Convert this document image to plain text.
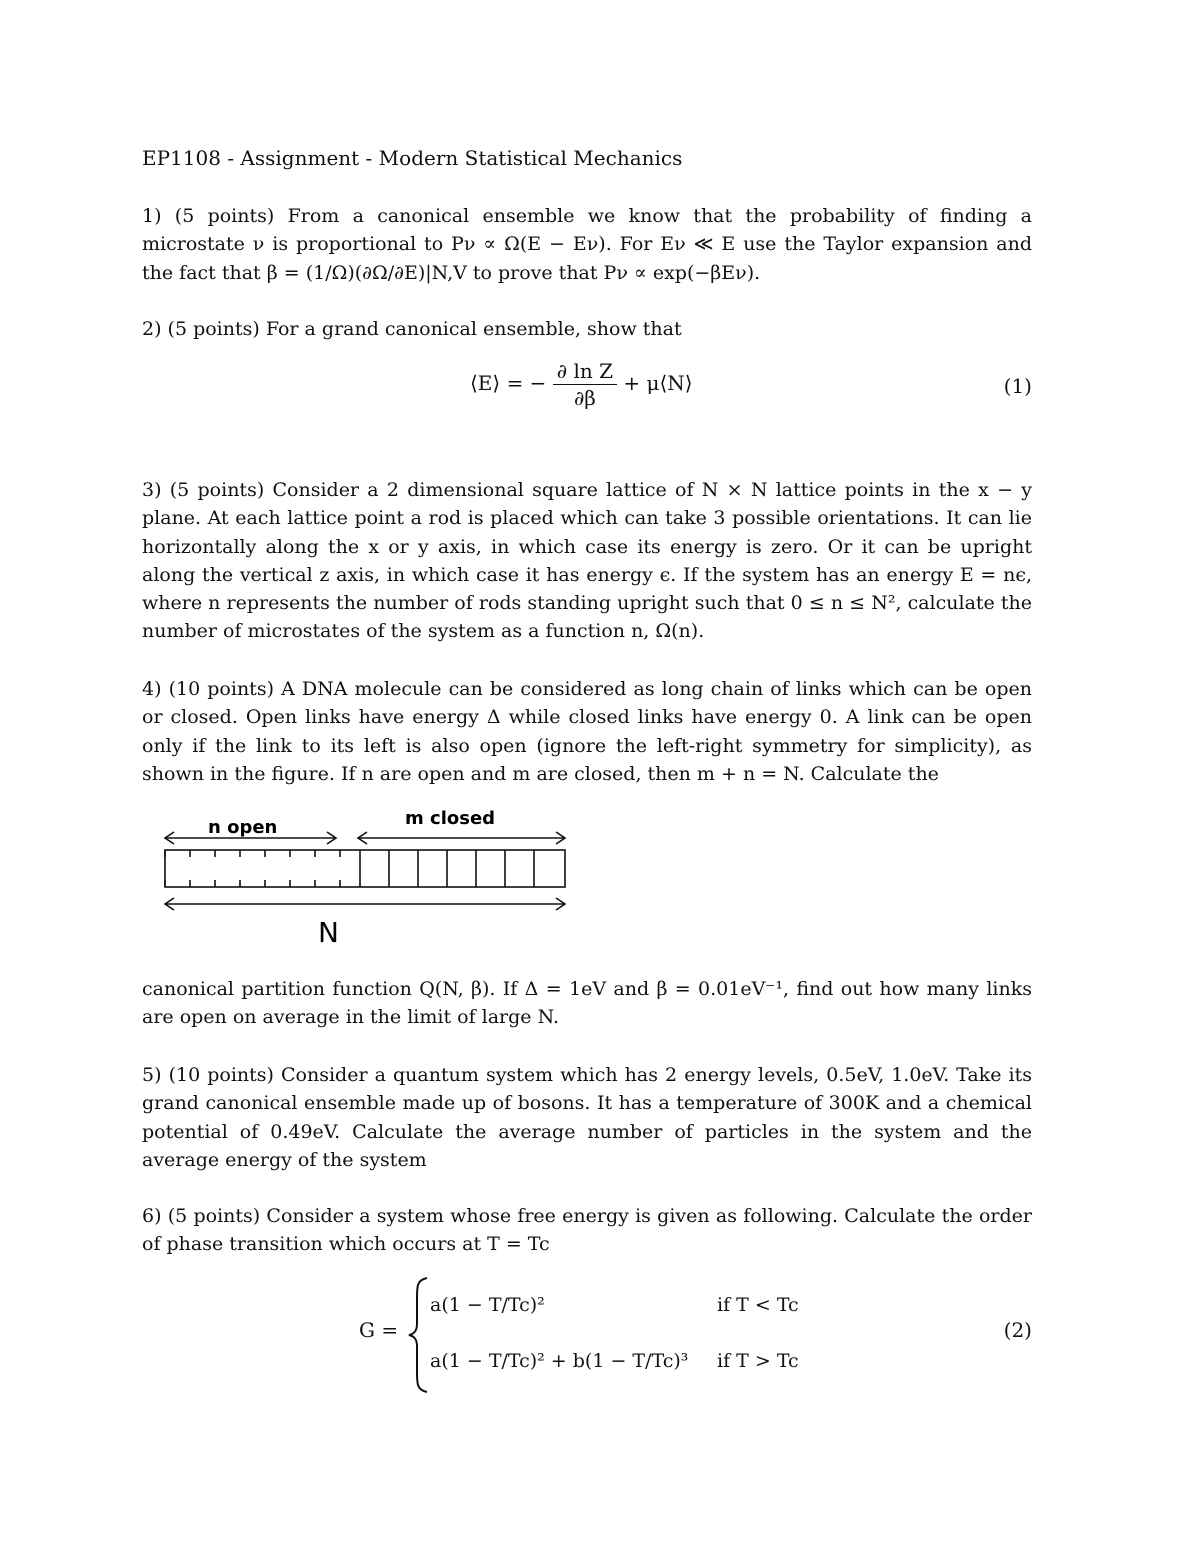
EP1108 - Assignment - Modern Statistical Mechanics
1) (5 points) From a canonical ensemble we know that the probability of finding a microstate ν is proportional to Pν ∝ Ω(E − Eν). For Eν ≪ E use the Taylor expansion and the fact that β = (1/Ω)(∂Ω/∂E)|N,V to prove that Pν ∝ exp(−βEν).
2) (5 points) For a grand canonical ensemble, show that
⟨E⟩ = − $\frac{\text{∂ ln Z}}{\partial\beta}$ + μ⟨N⟩	(1)
3) (5 points) Consider a 2 dimensional square lattice of N × N lattice points in the x − y plane. At each lattice point a rod is placed which can take 3 possible orientations. It can lie horizontally along the x or y axis, in which case its energy is zero. Or it can be upright along the vertical z axis, in which case it has energy ϵ. If the system has an energy E = nϵ, where n represents the number of rods standing upright such that 0 ≤ n ≤ N², calculate the number of microstates of the system as a function n, Ω(n).
4) (10 points) A DNA molecule can be considered as long chain of links which can be open or closed. Open links have energy Δ while closed links have energy 0. A link can be open only if the link to its left is also open (ignore the left-right symmetry for simplicity), as shown in the figure. If n are open and m are closed, then m + n = N. Calculate the
n open	m closed
N
canonical partition function Q(N, β). If Δ = 1eV and β = 0.01eV⁻¹, find out how many links are open on average in the limit of large N.
5) (10 points) Consider a quantum system which has 2 energy levels, 0.5eV, 1.0eV. Take its grand canonical ensemble made up of bosons. It has a temperature of 300K and a chemical potential of 0.49eV. Calculate the average number of particles in the system and the average energy of the system
6) (5 points) Consider a system whose free energy is given as following. Calculate the order of phase transition which occurs at T = Tc
G =
a(1 − T/Tc)²	if T < Tc
a(1 − T/Tc)² + b(1 − T/Tc)³ if T > Tc
(2)
